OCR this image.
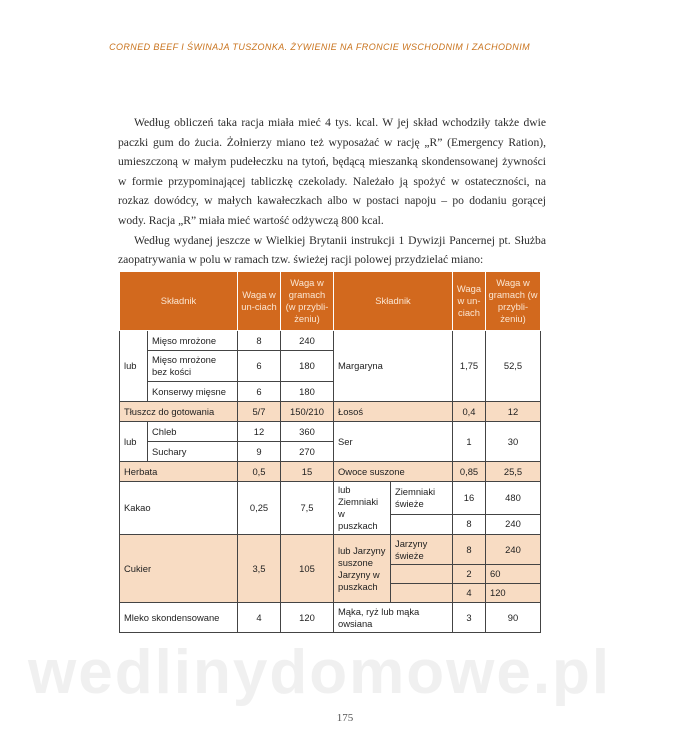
CORNED BEEF I ŚWINAJA TUSZONKA. ŻYWIENIE NA FRONCIE WSCHODNIM I ZACHODNIM

Według obliczeń taka racja miała mieć 4 tys. kcal. W jej skład wchodziły także dwie paczki gum do żucia. Żołnierzy miano też wyposażać w rację „R” (Emergency Ration), umieszczoną w małym pudełeczku na tytoń, będącą mieszanką skondensowanej żywności w formie przypominającej tabliczkę czekolady. Należało ją spożyć w ostateczności, na rozkaz dowódcy, w małych kawałeczkach albo w postaci napoju – po dodaniu gorącej wody. Racja „R” miała mieć wartość odżywczą 800 kcal.

Według wydanej jeszcze w Wielkiej Brytanii instrukcji 1 Dywizji Pancernej pt. Służba zaopatrywania w polu w ramach tzw. świeżej racji polowej przydzielać miano:

Składnik		Waga w un-ciach	Waga w gramach (w przybli-żeniu)	Składnik		Waga w un-ciach	Waga w gramach (w przybli-żeniu)
lub	Mięso mrożone	8	240	Margaryna		1,75	52,5
	Mięso mrożone bez kości	6	180				
	Konserwy mięsne	6	180				
Tłuszcz do gotowania		5/7	150/210	Łosoś		0,4	12
lub	Chleb	12	360	Ser		1	30
	Suchary	9	270				
Herbata		0,5	15	Owoce suszone		0,85	25,5
Kakao		0,25	7,5	lub Ziemniaki w puszkach	Ziemniaki świeże	16	480
						8	240
Cukier		3,5	105	lub Jarzyny suszone Jarzyny w puszkach	Jarzyny świeże	8	240
						2	60
						4	120
Mleko skondensowane		4	120	Mąka, ryż lub mąka owsiana		3	90
wedlinydomowe.pl
175
